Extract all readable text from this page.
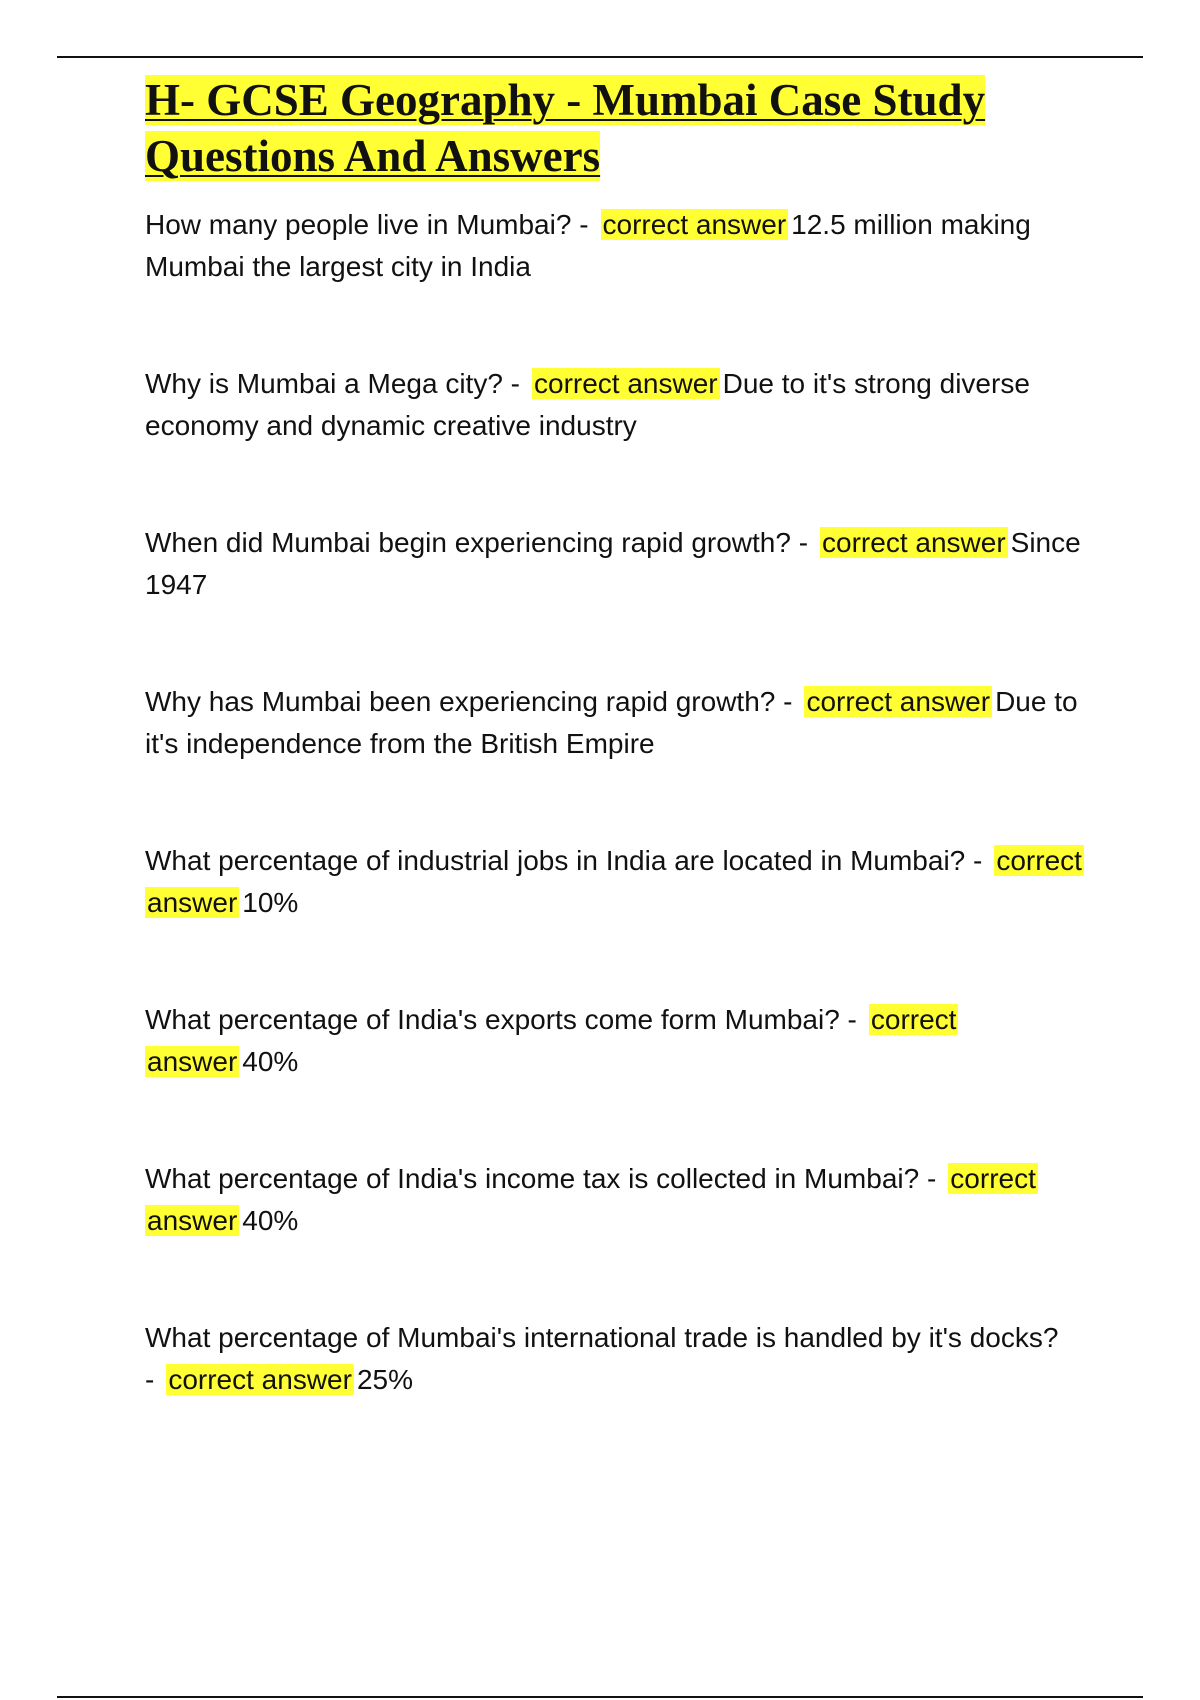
H- GCSE Geography - Mumbai Case Study Questions And Answers

How many people live in Mumbai? - correct answer 12.5 million making Mumbai the largest city in India

Why is Mumbai a Mega city? - correct answer Due to it's strong diverse economy and dynamic creative industry

When did Mumbai begin experiencing rapid growth? - correct answer Since 1947

Why has Mumbai been experiencing rapid growth? - correct answer Due to it's independence from the British Empire

What percentage of industrial jobs in India are located in Mumbai? - correct answer 10%

What percentage of India's exports come form Mumbai? - correct answer 40%

What percentage of India's income tax is collected in Mumbai? - correct answer 40%

What percentage of Mumbai's international trade is handled by it's docks? - correct answer 25%
